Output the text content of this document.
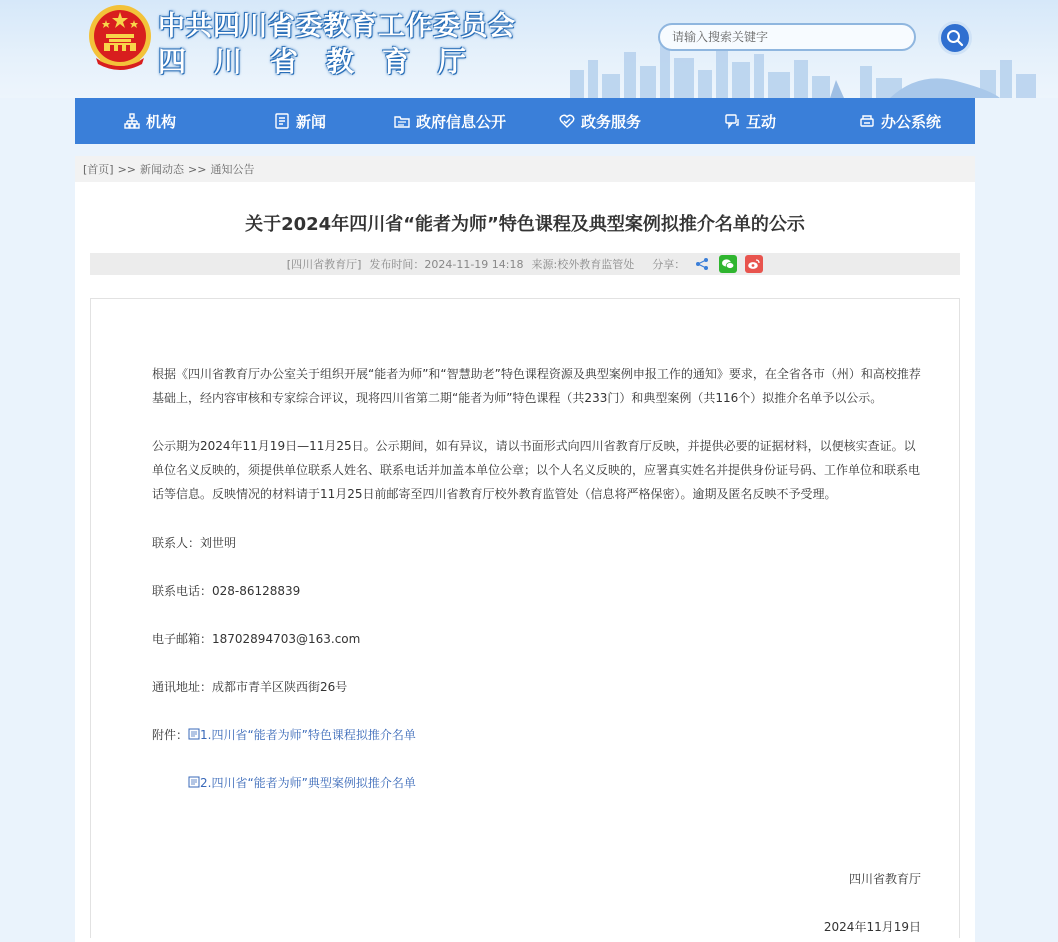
中共四川省委教育工作委员会
四川省教育厅
请输入搜索关键字
机构	新闻	政府信息公开	政务服务	互动	办公系统
[首页] >> 新闻动态 >> 通知公告
关于2024年四川省“能者为师”特色课程及典型案例拟推介名单的公示
[四川省教育厅] 发布时间：2024-11-19 14:18 来源:校外教育监管处 分享：
根据《四川省教育厅办公室关于组织开展“能者为师”和“智慧助老”特色课程资源及典型案例申报工作的通知》要求，在全省各市（州）和高校推荐基础上，经内容审核和专家综合评议，现将四川省第二期“能者为师”特色课程（共233门）和典型案例（共116个）拟推介名单予以公示。
公示期为2024年11月19日—11月25日。公示期间，如有异议，请以书面形式向四川省教育厅反映，并提供必要的证据材料，以便核实查证。以单位名义反映的，须提供单位联系人姓名、联系电话并加盖本单位公章；以个人名义反映的，应署真实姓名并提供身份证号码、工作单位和联系电话等信息。反映情况的材料请于11月25日前邮寄至四川省教育厅校外教育监管处（信息将严格保密）。逾期及匿名反映不予受理。
联系人：刘世明
联系电话：028-86128839
电子邮箱：18702894703@163.com
通讯地址：成都市青羊区陕西街26号
附件： 1.四川省“能者为师”特色课程拟推介名单
2.四川省“能者为师”典型案例拟推介名单
四川省教育厅
2024年11月19日
